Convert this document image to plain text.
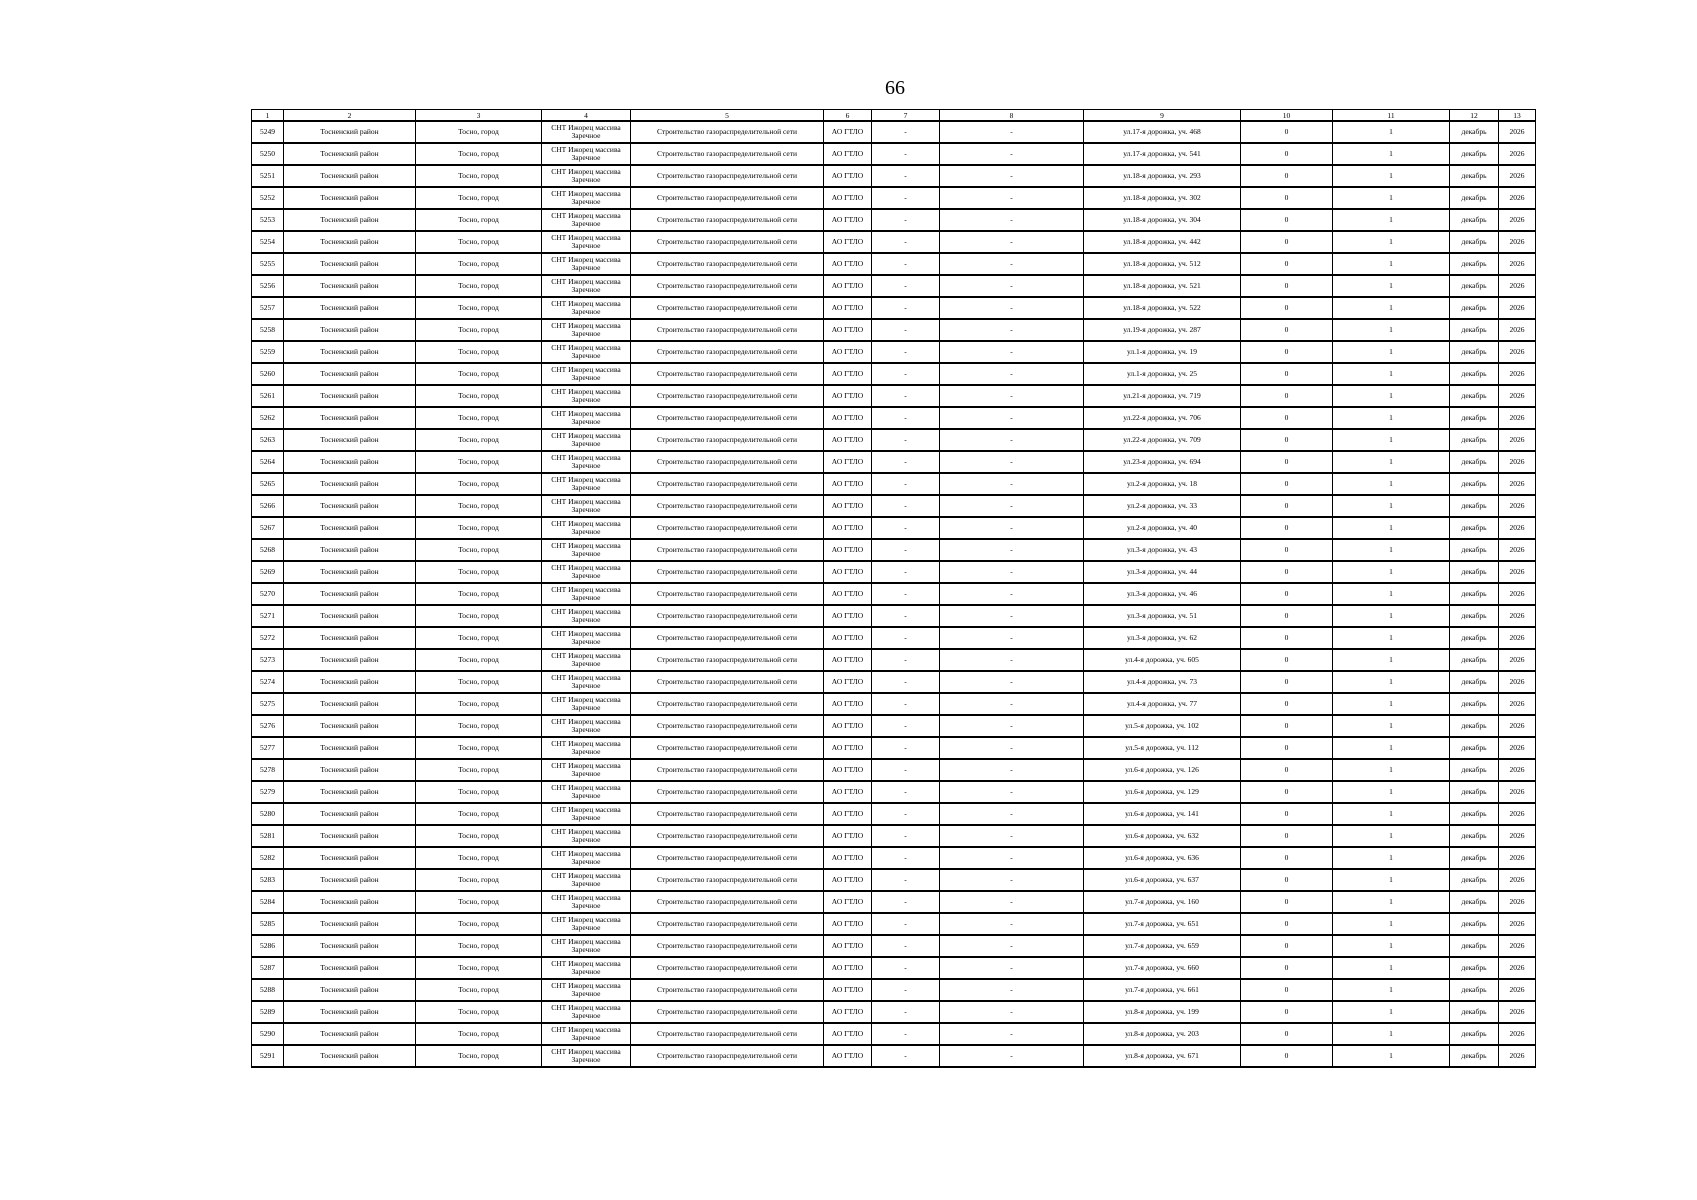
66
1	2	3	4	5	6	7	8	9	10	11	12	13
5249	Тосненский район	Тосно, город	СНТ Ижорец массива Заречное	Строительство газораспределительной сети	АО ГТЛО	-	-	ул.17-я дорожка, уч. 468	0	1	декабрь	2026
5250	Тосненский район	Тосно, город	СНТ Ижорец массива Заречное	Строительство газораспределительной сети	АО ГТЛО	-	-	ул.17-я дорожка, уч. 541	0	1	декабрь	2026
5251	Тосненский район	Тосно, город	СНТ Ижорец массива Заречное	Строительство газораспределительной сети	АО ГТЛО	-	-	ул.18-я дорожка, уч. 293	0	1	декабрь	2026
5252	Тосненский район	Тосно, город	СНТ Ижорец массива Заречное	Строительство газораспределительной сети	АО ГТЛО	-	-	ул.18-я дорожка, уч. 302	0	1	декабрь	2026
5253	Тосненский район	Тосно, город	СНТ Ижорец массива Заречное	Строительство газораспределительной сети	АО ГТЛО	-	-	ул.18-я дорожка, уч. 304	0	1	декабрь	2026
5254	Тосненский район	Тосно, город	СНТ Ижорец массива Заречное	Строительство газораспределительной сети	АО ГТЛО	-	-	ул.18-я дорожка, уч. 442	0	1	декабрь	2026
5255	Тосненский район	Тосно, город	СНТ Ижорец массива Заречное	Строительство газораспределительной сети	АО ГТЛО	-	-	ул.18-я дорожка, уч. 512	0	1	декабрь	2026
5256	Тосненский район	Тосно, город	СНТ Ижорец массива Заречное	Строительство газораспределительной сети	АО ГТЛО	-	-	ул.18-я дорожка, уч. 521	0	1	декабрь	2026
5257	Тосненский район	Тосно, город	СНТ Ижорец массива Заречное	Строительство газораспределительной сети	АО ГТЛО	-	-	ул.18-я дорожка, уч. 522	0	1	декабрь	2026
5258	Тосненский район	Тосно, город	СНТ Ижорец массива Заречное	Строительство газораспределительной сети	АО ГТЛО	-	-	ул.19-я дорожка, уч. 287	0	1	декабрь	2026
5259	Тосненский район	Тосно, город	СНТ Ижорец массива Заречное	Строительство газораспределительной сети	АО ГТЛО	-	-	ул.1-я дорожка, уч. 19	0	1	декабрь	2026
5260	Тосненский район	Тосно, город	СНТ Ижорец массива Заречное	Строительство газораспределительной сети	АО ГТЛО	-	-	ул.1-я дорожка, уч. 25	0	1	декабрь	2026
5261	Тосненский район	Тосно, город	СНТ Ижорец массива Заречное	Строительство газораспределительной сети	АО ГТЛО	-	-	ул.21-я дорожка, уч. 719	0	1	декабрь	2026
5262	Тосненский район	Тосно, город	СНТ Ижорец массива Заречное	Строительство газораспределительной сети	АО ГТЛО	-	-	ул.22-я дорожка, уч. 706	0	1	декабрь	2026
5263	Тосненский район	Тосно, город	СНТ Ижорец массива Заречное	Строительство газораспределительной сети	АО ГТЛО	-	-	ул.22-я дорожка, уч. 709	0	1	декабрь	2026
5264	Тосненский район	Тосно, город	СНТ Ижорец массива Заречное	Строительство газораспределительной сети	АО ГТЛО	-	-	ул.23-я дорожка, уч. 694	0	1	декабрь	2026
5265	Тосненский район	Тосно, город	СНТ Ижорец массива Заречное	Строительство газораспределительной сети	АО ГТЛО	-	-	ул.2-я дорожка, уч. 18	0	1	декабрь	2026
5266	Тосненский район	Тосно, город	СНТ Ижорец массива Заречное	Строительство газораспределительной сети	АО ГТЛО	-	-	ул.2-я дорожка, уч. 33	0	1	декабрь	2026
5267	Тосненский район	Тосно, город	СНТ Ижорец массива Заречное	Строительство газораспределительной сети	АО ГТЛО	-	-	ул.2-я дорожка, уч. 40	0	1	декабрь	2026
5268	Тосненский район	Тосно, город	СНТ Ижорец массива Заречное	Строительство газораспределительной сети	АО ГТЛО	-	-	ул.3-я дорожка, уч. 43	0	1	декабрь	2026
5269	Тосненский район	Тосно, город	СНТ Ижорец массива Заречное	Строительство газораспределительной сети	АО ГТЛО	-	-	ул.3-я дорожка, уч. 44	0	1	декабрь	2026
5270	Тосненский район	Тосно, город	СНТ Ижорец массива Заречное	Строительство газораспределительной сети	АО ГТЛО	-	-	ул.3-я дорожка, уч. 46	0	1	декабрь	2026
5271	Тосненский район	Тосно, город	СНТ Ижорец массива Заречное	Строительство газораспределительной сети	АО ГТЛО	-	-	ул.3-я дорожка, уч. 51	0	1	декабрь	2026
5272	Тосненский район	Тосно, город	СНТ Ижорец массива Заречное	Строительство газораспределительной сети	АО ГТЛО	-	-	ул.3-я дорожка, уч. 62	0	1	декабрь	2026
5273	Тосненский район	Тосно, город	СНТ Ижорец массива Заречное	Строительство газораспределительной сети	АО ГТЛО	-	-	ул.4-я дорожка, уч. 605	0	1	декабрь	2026
5274	Тосненский район	Тосно, город	СНТ Ижорец массива Заречное	Строительство газораспределительной сети	АО ГТЛО	-	-	ул.4-я дорожка, уч. 73	0	1	декабрь	2026
5275	Тосненский район	Тосно, город	СНТ Ижорец массива Заречное	Строительство газораспределительной сети	АО ГТЛО	-	-	ул.4-я дорожка, уч. 77	0	1	декабрь	2026
5276	Тосненский район	Тосно, город	СНТ Ижорец массива Заречное	Строительство газораспределительной сети	АО ГТЛО	-	-	ул.5-я дорожка, уч. 102	0	1	декабрь	2026
5277	Тосненский район	Тосно, город	СНТ Ижорец массива Заречное	Строительство газораспределительной сети	АО ГТЛО	-	-	ул.5-я дорожка, уч. 112	0	1	декабрь	2026
5278	Тосненский район	Тосно, город	СНТ Ижорец массива Заречное	Строительство газораспределительной сети	АО ГТЛО	-	-	ул.6-я дорожка, уч. 126	0	1	декабрь	2026
5279	Тосненский район	Тосно, город	СНТ Ижорец массива Заречное	Строительство газораспределительной сети	АО ГТЛО	-	-	ул.6-я дорожка, уч. 129	0	1	декабрь	2026
5280	Тосненский район	Тосно, город	СНТ Ижорец массива Заречное	Строительство газораспределительной сети	АО ГТЛО	-	-	ул.6-я дорожка, уч. 141	0	1	декабрь	2026
5281	Тосненский район	Тосно, город	СНТ Ижорец массива Заречное	Строительство газораспределительной сети	АО ГТЛО	-	-	ул.6-я дорожка, уч. 632	0	1	декабрь	2026
5282	Тосненский район	Тосно, город	СНТ Ижорец массива Заречное	Строительство газораспределительной сети	АО ГТЛО	-	-	ул.6-я дорожка, уч. 636	0	1	декабрь	2026
5283	Тосненский район	Тосно, город	СНТ Ижорец массива Заречное	Строительство газораспределительной сети	АО ГТЛО	-	-	ул.6-я дорожка, уч. 637	0	1	декабрь	2026
5284	Тосненский район	Тосно, город	СНТ Ижорец массива Заречное	Строительство газораспределительной сети	АО ГТЛО	-	-	ул.7-я дорожка, уч. 160	0	1	декабрь	2026
5285	Тосненский район	Тосно, город	СНТ Ижорец массива Заречное	Строительство газораспределительной сети	АО ГТЛО	-	-	ул.7-я дорожка, уч. 651	0	1	декабрь	2026
5286	Тосненский район	Тосно, город	СНТ Ижорец массива Заречное	Строительство газораспределительной сети	АО ГТЛО	-	-	ул.7-я дорожка, уч. 659	0	1	декабрь	2026
5287	Тосненский район	Тосно, город	СНТ Ижорец массива Заречное	Строительство газораспределительной сети	АО ГТЛО	-	-	ул.7-я дорожка, уч. 660	0	1	декабрь	2026
5288	Тосненский район	Тосно, город	СНТ Ижорец массива Заречное	Строительство газораспределительной сети	АО ГТЛО	-	-	ул.7-я дорожка, уч. 661	0	1	декабрь	2026
5289	Тосненский район	Тосно, город	СНТ Ижорец массива Заречное	Строительство газораспределительной сети	АО ГТЛО	-	-	ул.8-я дорожка, уч. 199	0	1	декабрь	2026
5290	Тосненский район	Тосно, город	СНТ Ижорец массива Заречное	Строительство газораспределительной сети	АО ГТЛО	-	-	ул.8-я дорожка, уч. 203	0	1	декабрь	2026
5291	Тосненский район	Тосно, город	СНТ Ижорец массива Заречное	Строительство газораспределительной сети	АО ГТЛО	-	-	ул.8-я дорожка, уч. 671	0	1	декабрь	2026
